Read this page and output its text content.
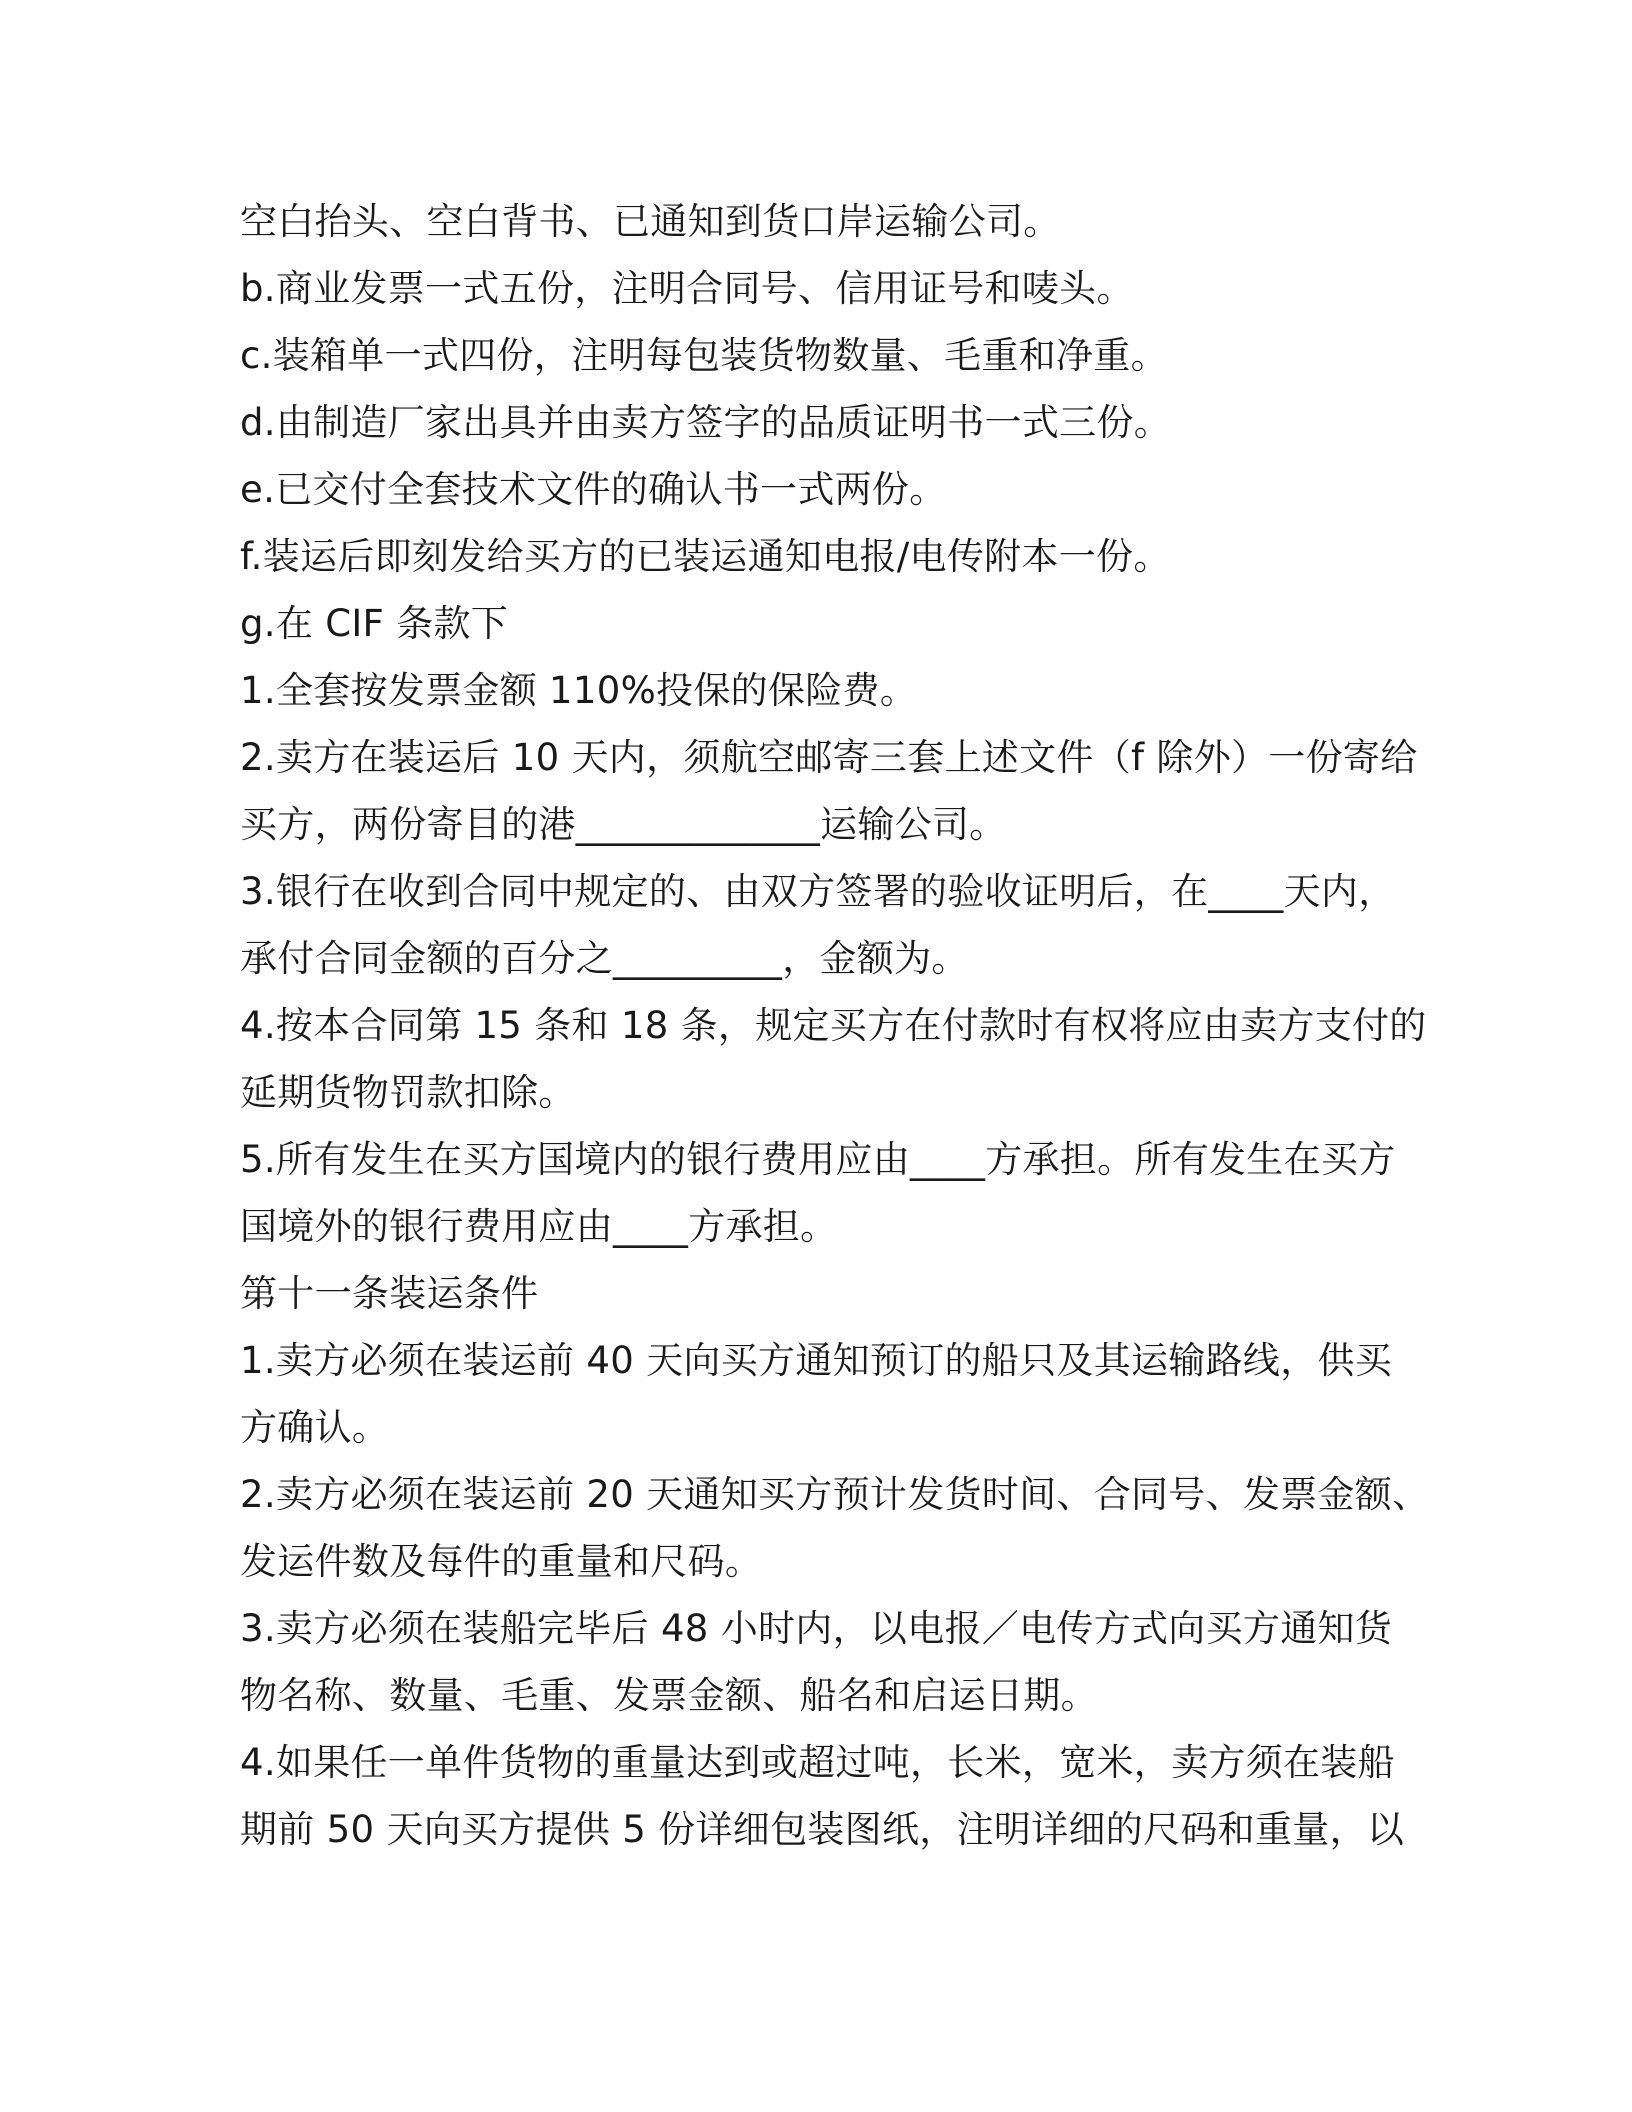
空白抬头、空白背书、已通知到货口岸运输公司。
b.商业发票一式五份，注明合同号、信用证号和唛头。
c.装箱单一式四份，注明每包装货物数量、毛重和净重。
d.由制造厂家出具并由卖方签字的品质证明书一式三份。
e.已交付全套技术文件的确认书一式两份。
f.装运后即刻发给买方的已装运通知电报/电传附本一份。
g.在 CIF 条款下
1.全套按发票金额 110%投保的保险费。
2.卖方在装运后 10 天内，须航空邮寄三套上述文件（f 除外）一份寄给
买方，两份寄目的港_____________运输公司。
3.银行在收到合同中规定的、由双方签署的验收证明后，在____天内，
承付合同金额的百分之_________，金额为。
4.按本合同第 15 条和 18 条，规定买方在付款时有权将应由卖方支付的
延期货物罚款扣除。
5.所有发生在买方国境内的银行费用应由____方承担。所有发生在买方
国境外的银行费用应由____方承担。
第十一条装运条件
1.卖方必须在装运前 40 天向买方通知预订的船只及其运输路线，供买
方确认。
2.卖方必须在装运前 20 天通知买方预计发货时间、合同号、发票金额、
发运件数及每件的重量和尺码。
3.卖方必须在装船完毕后 48 小时内，以电报／电传方式向买方通知货
物名称、数量、毛重、发票金额、船名和启运日期。
4.如果任一单件货物的重量达到或超过吨，长米，宽米，卖方须在装船
期前 50 天向买方提供 5 份详细包装图纸，注明详细的尺码和重量，以
